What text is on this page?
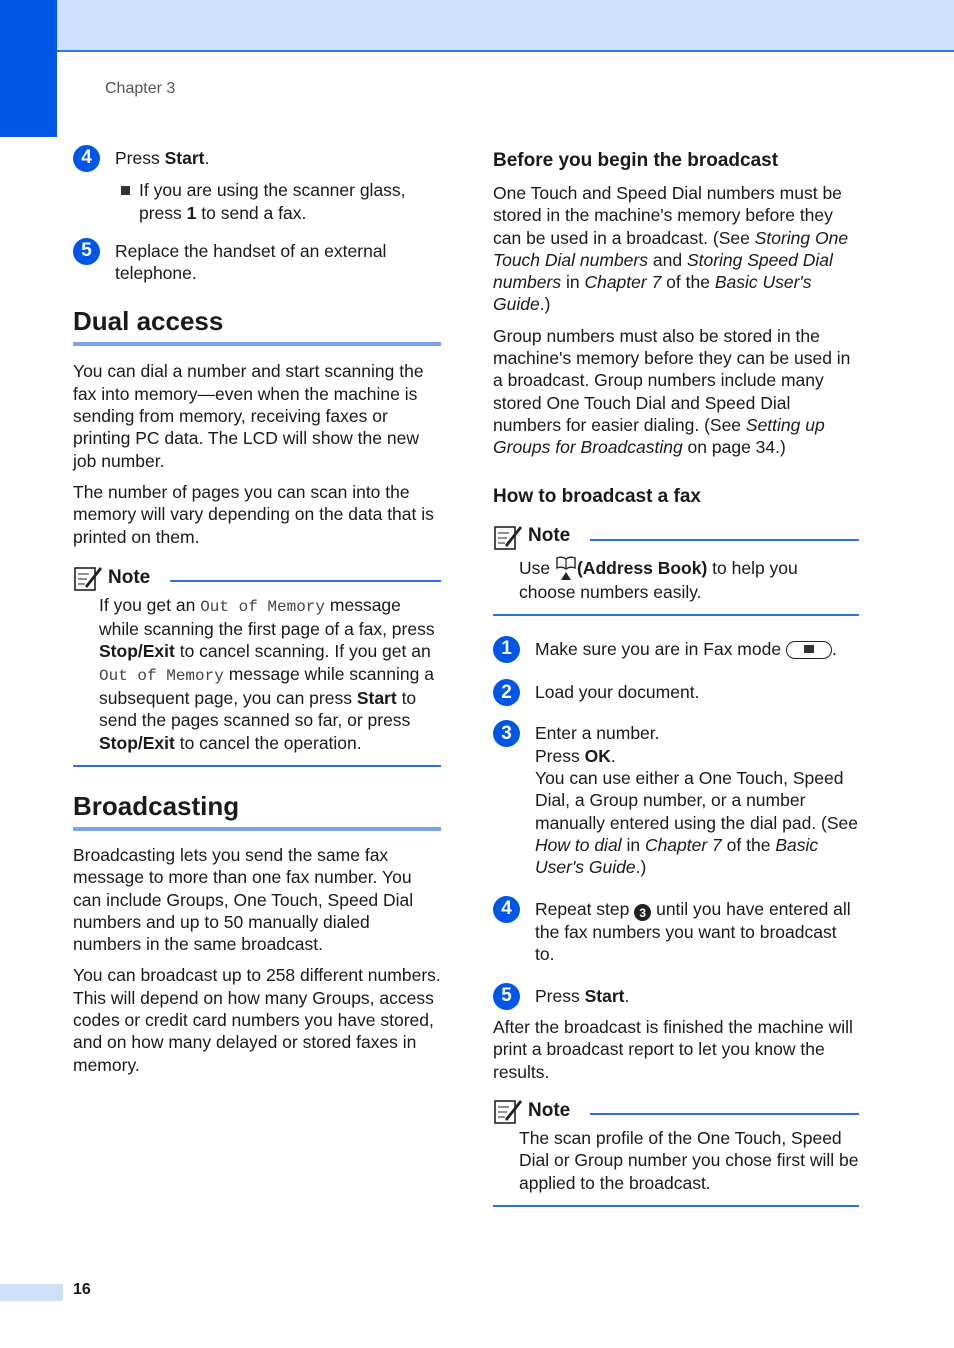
Chapter 3
4	Press Start.
If you are using the scanner glass, press 1 to send a fax.
5	Replace the handset of an external telephone.
Dual access

You can dial a number and start scanning the fax into memory—even when the machine is sending from memory, receiving faxes or printing PC data. The LCD will show the new job number.

The number of pages you can scan into the memory will vary depending on the data that is printed on them.

Note
If you get an Out of Memory message while scanning the first page of a fax, press Stop/Exit to cancel scanning. If you get an Out of Memory message while scanning a subsequent page, you can press Start to send the pages scanned so far, or press Stop/Exit to cancel the operation.
Broadcasting

Broadcasting lets you send the same fax message to more than one fax number. You can include Groups, One Touch, Speed Dial numbers and up to 50 manually dialed numbers in the same broadcast.

You can broadcast up to 258 different numbers. This will depend on how many Groups, access codes or credit card numbers you have stored, and on how many delayed or stored faxes in memory.

Before you begin the broadcast

One Touch and Speed Dial numbers must be stored in the machine's memory before they can be used in a broadcast. (See Storing One Touch Dial numbers and Storing Speed Dial numbers in Chapter 7 of the Basic User's Guide.)

Group numbers must also be stored in the machine's memory before they can be used in a broadcast. Group numbers include many stored One Touch Dial and Speed Dial numbers for easier dialing. (See Setting up Groups for Broadcasting on page 34.)

How to broadcast a fax
Note
Use (Address Book) to help you choose numbers easily.
1	Make sure you are in Fax mode	.
2	Load your document.
3	Enter a number.
Press OK.
You can use either a One Touch, Speed Dial, a Group number, or a number manually entered using the dial pad. (See How to dial in Chapter 7 of the Basic User's Guide.)
4	Repeat step 3 until you have entered all the fax numbers you want to broadcast to.
5	Press Start.

After the broadcast is finished the machine will print a broadcast report to let you know the results.

Note
The scan profile of the One Touch, Speed Dial or Group number you chose first will be applied to the broadcast.
16
